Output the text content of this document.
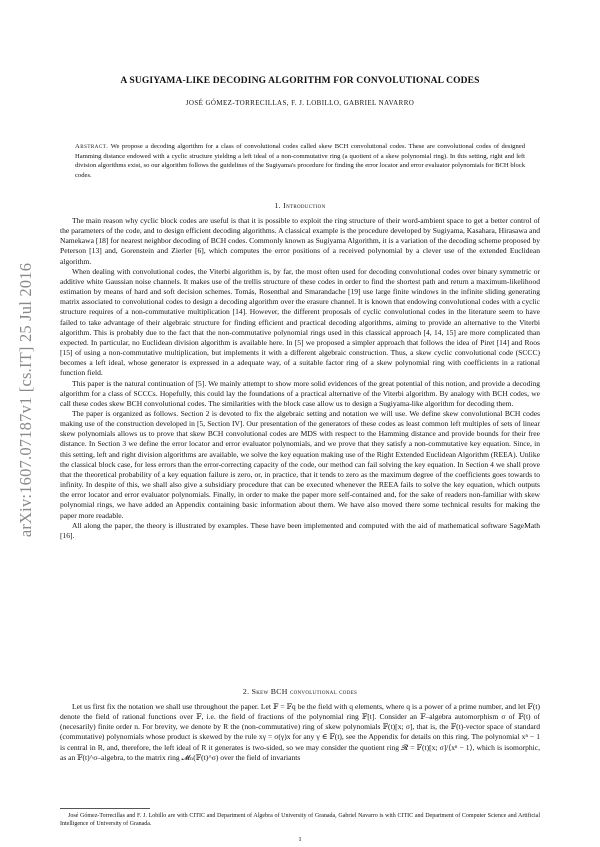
arXiv:1607.07187v1 [cs.IT] 25 Jul 2016
A SUGIYAMA-LIKE DECODING ALGORITHM FOR CONVOLUTIONAL CODES
JOSÉ GÓMEZ-TORRECILLAS, F. J. LOBILLO, GABRIEL NAVARRO
Abstract. We propose a decoding algorithm for a class of convolutional codes called skew BCH convolutional codes. These are convolutional codes of designed Hamming distance endowed with a cyclic structure yielding a left ideal of a non-commutative ring (a quotient of a skew polynomial ring). In this setting, right and left division algorithms exist, so our algorithm follows the guidelines of the Sugiyama's procedure for finding the error locator and error evaluator polynomials for BCH block codes.
1. Introduction

The main reason why cyclic block codes are useful is that it is possible to exploit the ring structure of their word-ambient space to get a better control of the parameters of the code, and to design efficient decoding algorithms. A classical example is the procedure developed by Sugiyama, Kasahara, Hirasawa and Namekawa [18] for nearest neighbor decoding of BCH codes. Commonly known as Sugiyama Algorithm, it is a variation of the decoding scheme proposed by Peterson [13] and, Gorenstein and Zierler [6], which computes the error positions of a received polynomial by a clever use of the extended Euclidean algorithm.

When dealing with convolutional codes, the Viterbi algorithm is, by far, the most often used for decoding convolutional codes over binary symmetric or additive white Gaussian noise channels. It makes use of the trellis structure of these codes in order to find the shortest path and return a maximum-likelihood estimation by means of hard and soft decision schemes. Tomás, Rosenthal and Smarandache [19] use large finite windows in the infinite sliding generating matrix associated to convolutional codes to design a decoding algorithm over the erasure channel. It is known that endowing convolutional codes with a cyclic structure requires of a non-commutative multiplication [14]. However, the different proposals of cyclic convolutional codes in the literature seem to have failed to take advantage of their algebraic structure for finding efficient and practical decoding algorithms, aiming to provide an alternative to the Viterbi algorithm. This is probably due to the fact that the non-commutative polynomial rings used in this classical approach [4, 14, 15] are more complicated than expected. In particular, no Euclidean division algorithm is available here. In [5] we proposed a simpler approach that follows the idea of Piret [14] and Roos [15] of using a non-commutative multiplication, but implements it with a different algebraic construction. Thus, a skew cyclic convolutional code (SCCC) becomes a left ideal, whose generator is expressed in a adequate way, of a suitable factor ring of a skew polynomial ring with coefficients in a rational function field.

This paper is the natural continuation of [5]. We mainly attempt to show more solid evidences of the great potential of this notion, and provide a decoding algorithm for a class of SCCCs. Hopefully, this could lay the foundations of a practical alternative of the Viterbi algorithm. By analogy with BCH codes, we call these codes skew BCH convolutional codes. The similarities with the block case allow us to design a Sugiyama-like algorithm for decoding them.

The paper is organized as follows. Section 2 is devoted to fix the algebraic setting and notation we will use. We define skew convolutional BCH codes making use of the construction developed in [5, Section IV]. Our presentation of the generators of these codes as least common left multiples of sets of linear skew polynomials allows us to prove that skew BCH convolutional codes are MDS with respect to the Hamming distance and provide bounds for their free distance. In Section 3 we define the error locator and error evaluator polynomials, and we prove that they satisfy a non-commutative key equation. Since, in this setting, left and right division algorithms are available, we solve the key equation making use of the Right Extended Euclidean Algorithm (REEA). Unlike the classical block case, for less errors than the error-correcting capacity of the code, our method can fail solving the key equation. In Section 4 we shall prove that the theoretical probability of a key equation failure is zero, or, in practice, that it tends to zero as the maximum degree of the coefficients goes towards to infinity. In despite of this, we shall also give a subsidiary procedure that can be executed whenever the REEA fails to solve the key equation, which outputs the error locator and error evaluator polynomials. Finally, in order to make the paper more self-contained and, for the sake of readers non-familiar with skew polynomial rings, we have added an Appendix containing basic information about them. We have also moved there some technical results for making the paper more readable.

All along the paper, the theory is illustrated by examples. These have been implemented and computed with the aid of mathematical software SageMath [16].

2. Skew BCH convolutional codes

Let us first fix the notation we shall use throughout the paper. Let 𝔽 = 𝔽q be the field with q elements, where q is a power of a prime number, and let 𝔽(t) denote the field of rational functions over 𝔽, i.e. the field of fractions of the polynomial ring 𝔽[t]. Consider an 𝔽–algebra automorphism σ of 𝔽(t) of (necesarily) finite order n. For brevity, we denote by R the (non-commutative) ring of skew polynomials 𝔽(t)[x; σ], that is, the 𝔽(t)-vector space of standard (commutative) polynomials whose product is skewed by the rule xγ = σ(γ)x for any γ ∈ 𝔽(t), see the Appendix for details on this ring. The polynomial xⁿ − 1 is central in R, and, therefore, the left ideal of R it generates is two-sided, so we may consider the quotient ring 𝓡 = 𝔽(t)[x; σ]/⟨xⁿ − 1⟩, which is isomorphic, as an 𝔽(t)^σ–algebra, to the matrix ring 𝓜ₙ(𝔽(t)^σ) over the field of invariants

José Gómez-Torrecillas and F. J. Lobillo are with CITIC and Department of Algebra of University of Granada, Gabriel Navarro is with CITIC and Department of Computer Science and Artificial Intelligence of University of Granada.
1
